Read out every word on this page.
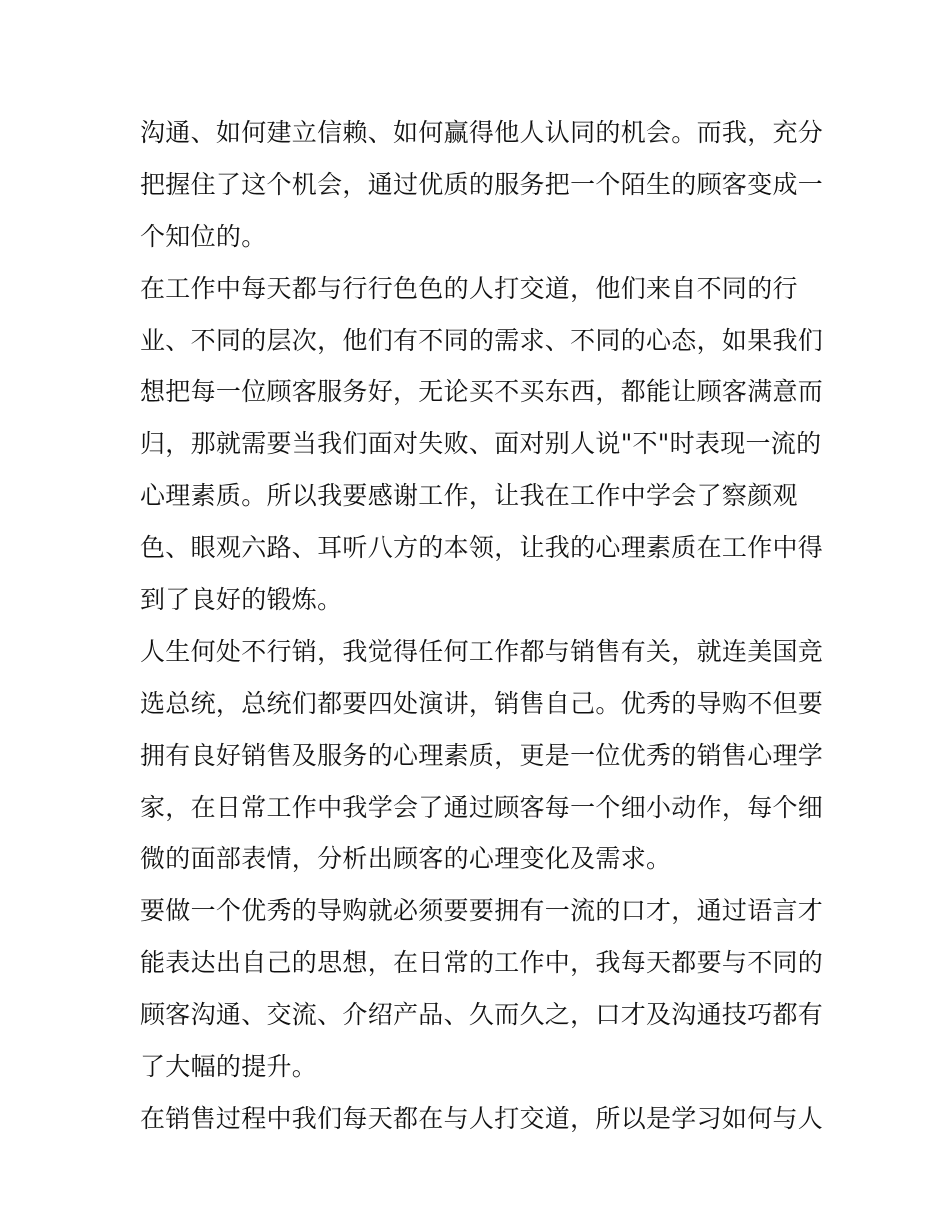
沟通、如何建立信赖、如何赢得他人认同的机会。而我，充分
把握住了这个机会，通过优质的服务把一个陌生的顾客变成一
个知位的。
在工作中每天都与行行色色的人打交道，他们来自不同的行
业、不同的层次，他们有不同的需求、不同的心态，如果我们
想把每一位顾客服务好，无论买不买东西，都能让顾客满意而
归，那就需要当我们面对失败、面对别人说"不"时表现一流的
心理素质。所以我要感谢工作，让我在工作中学会了察颜观
色、眼观六路、耳听八方的本领，让我的心理素质在工作中得
到了良好的锻炼。
人生何处不行销，我觉得任何工作都与销售有关，就连美国竞
选总统，总统们都要四处演讲，销售自己。优秀的导购不但要
拥有良好销售及服务的心理素质，更是一位优秀的销售心理学
家，在日常工作中我学会了通过顾客每一个细小动作，每个细
微的面部表情，分析出顾客的心理变化及需求。
要做一个优秀的导购就必须要要拥有一流的口才，通过语言才
能表达出自己的思想，在日常的工作中，我每天都要与不同的
顾客沟通、交流、介绍产品、久而久之，口才及沟通技巧都有
了大幅的提升。
在销售过程中我们每天都在与人打交道，所以是学习如何与人
